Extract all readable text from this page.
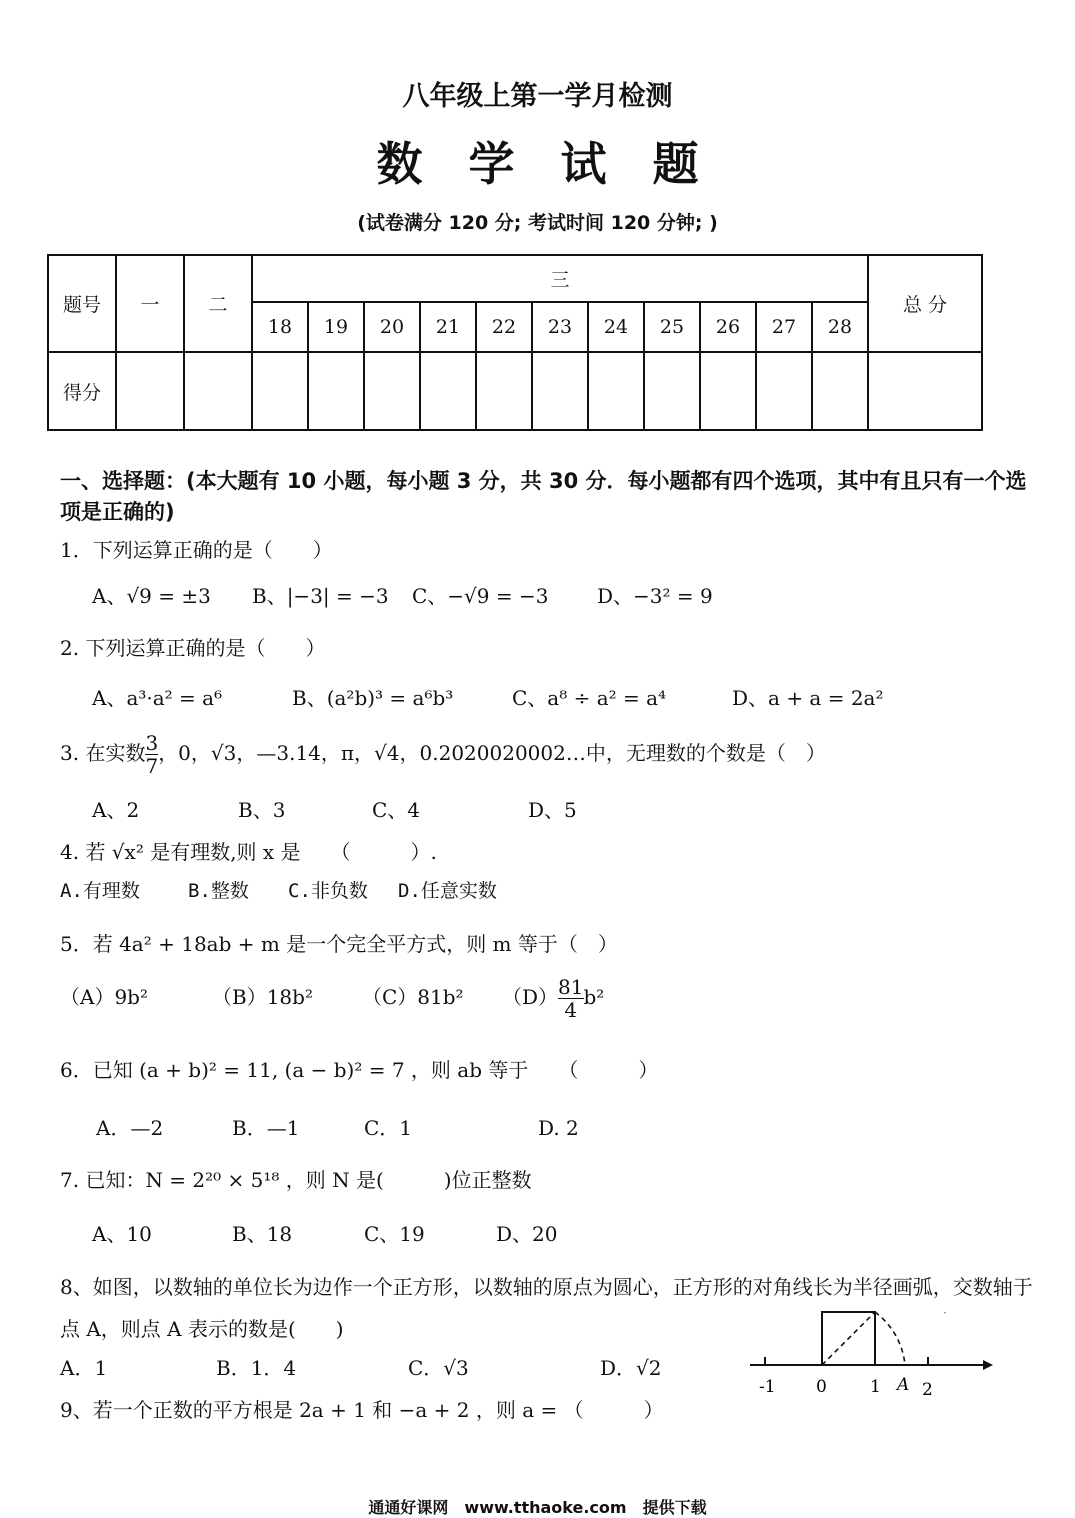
八年级上第一学月检测
数学试题
(试卷满分 120 分; 考试时间 120 分钟; )
题号	一	二	三											总 分
			18	19	20	21	22	23	24	25	26	27	28	
得分														
一、选择题：(本大题有 10 小题，每小题 3 分，共 30 分．每小题都有四个选项，其中有且只有一个选项是正确的)
1．下列运算正确的是（　　）
A、√9 = ±3 B、|−3| = −3 C、−√9 = −3 D、−3² = 9
2. 下列运算正确的是（　　）
A、a³·a² = a⁶	B、(a²b)³ = a⁶b³	C、a⁸ ÷ a² = a⁴	D、a + a = 2a²
3. 在实数 $\frac{3}{7}$ ，0，√3，—3.14，π，√4，0.2020020002…中，无理数的个数是（　）
A、2	B、3	C、4	D、5
4. 若 √x² 是有理数,则 x 是　　（　　　）.
A.有理数	B.整数 C.非负数 D.任意实数
5．若 4a² + 18ab + m 是一个完全平方式，则 m 等于（　）
（A）9b²	（B）18b² （C）81b² $(D) \frac{81}{4} b^2$
6．已知 (a + b)² = 11, (a − b)² = 7 ，则 ab 等于　　（　　　）
A．—2	B．—1	C．1	D. 2
7. 已知：N = 2²⁰ × 5¹⁸ ，则 N 是(　　　)位正整数
A、10	B、18	C、19	D、20
8、如图，以数轴的单位长为边作一个正方形，以数轴的原点为圆心，正方形的对角线长为半径画弧，交数轴于点 A，则点 A 表示的数是(　　)
A．1	B．1．4	C．√3	D．√2
-1 0	1 A 2
·
9、若一个正数的平方根是 2a + 1 和 −a + 2 ，则 a = （　　　）
通通好课网　www.tthaoke.com　提供下载
